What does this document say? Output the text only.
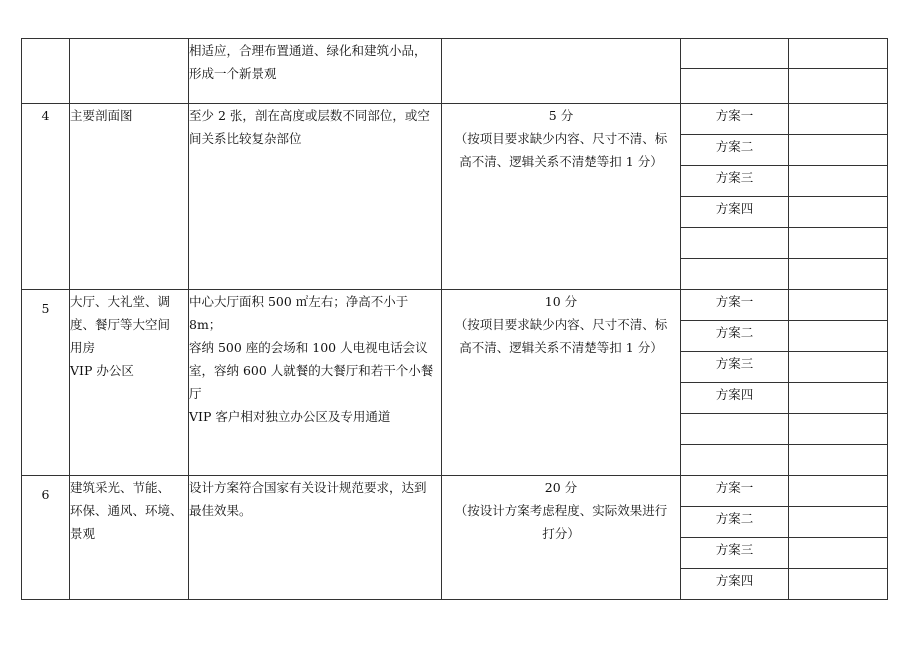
		相适应，合理布置通道、绿化和建筑小品，
形成一个新景观			

4	主要剖面图	至少 2 张，剖在高度或层数不同部位，或空
间关系比较复杂部位	5 分
（按项目要求缺少内容、尺寸不清、标
高不清、逻辑关系不清楚等扣 1 分）	方案一	
				方案二	
				方案三	
				方案四	

5	大厅、大礼堂、调
度、餐厅等大空间
用房
VIP 办公区	中心大厅面积 500 ㎡左右；净高不小于 8m；
容纳 500 座的会场和 100 人电视电话会议
室，容纳 600 人就餐的大餐厅和若干个小餐
厅
VIP 客户相对独立办公区及专用通道	10 分
（按项目要求缺少内容、尺寸不清、标
高不清、逻辑关系不清楚等扣 1 分）	方案一	
				方案二	
				方案三	
				方案四	

6	建筑采光、节能、
环保、通风、环境、
景观	设计方案符合国家有关设计规范要求，达到
最佳效果。	20 分
（按设计方案考虑程度、实际效果进行
打分）	方案一	
				方案二	
				方案三	
				方案四	
